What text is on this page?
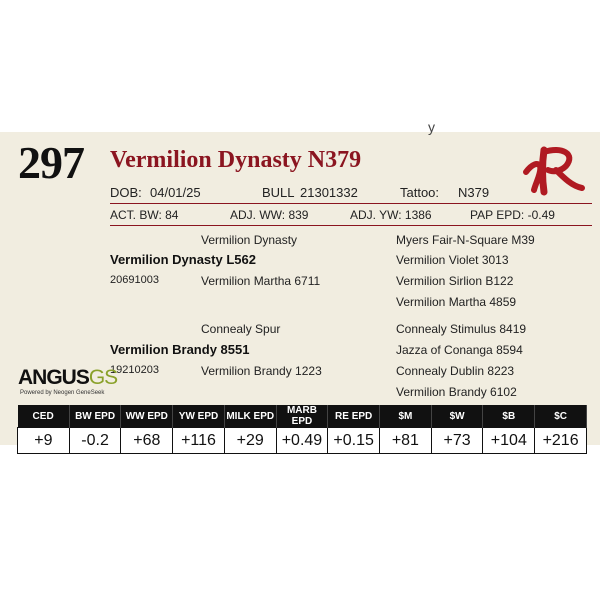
y
297 Vermilion Dynasty N379
DOB: 04/01/25	BULL 21301332	Tattoo: N379
ACT. BW: 84	ADJ. WW: 839	ADJ. YW: 1386	PAP EPD: -0.49
Vermilion Dynasty	Myers Fair-N-Square M39
Vermilion Dynasty L562	Vermilion Violet 3013
20691003	Vermilion Martha 6711	Vermilion Sirlion B122
Vermilion Martha 4859
Connealy Spur	Connealy Stimulus 8419
Vermilion Brandy 8551	Jazza of Conanga 8594
19210203	Vermilion Brandy 1223	Connealy Dublin 8223
Vermilion Brandy 6102
ANGUSGS
Powered by Neogen GeneSeek
CED	BW EPD	WW EPD	YW EPD	MILK EPD	MARB EPD	RE EPD	$M	$W	$B	$C
+9	-0.2	+68	+116	+29	+0.49	+0.15	+81	+73	+104	+216
